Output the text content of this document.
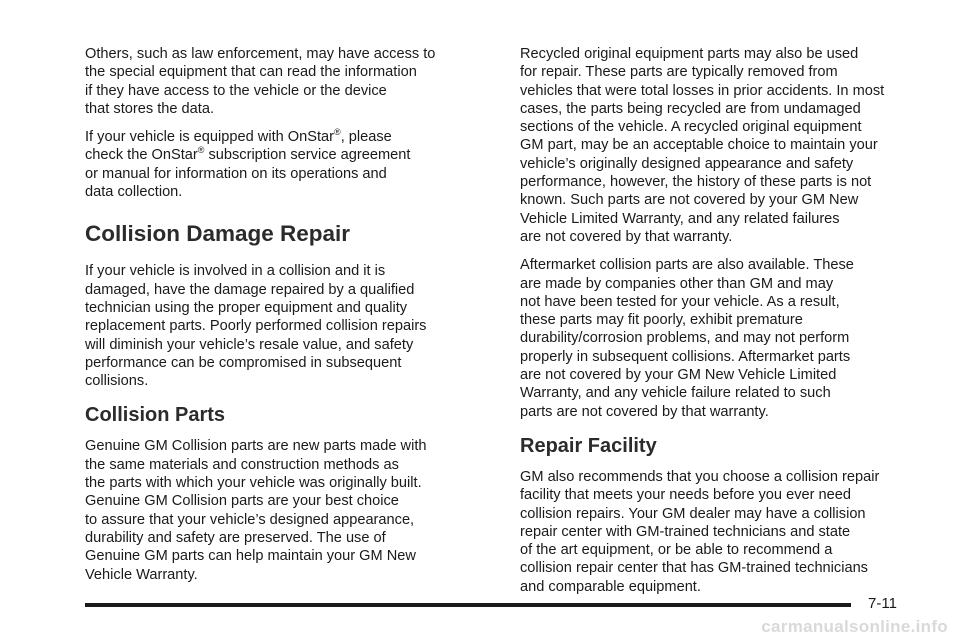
Others, such as law enforcement, may have access to
the special equipment that can read the information
if they have access to the vehicle or the device
that stores the data.

If your vehicle is equipped with OnStar®, please
check the OnStar® subscription service agreement
or manual for information on its operations and
data collection.

Collision Damage Repair

If your vehicle is involved in a collision and it is
damaged, have the damage repaired by a qualified
technician using the proper equipment and quality
replacement parts. Poorly performed collision repairs
will diminish your vehicle’s resale value, and safety
performance can be compromised in subsequent
collisions.

Collision Parts

Genuine GM Collision parts are new parts made with
the same materials and construction methods as
the parts with which your vehicle was originally built.
Genuine GM Collision parts are your best choice
to assure that your vehicle’s designed appearance,
durability and safety are preserved. The use of
Genuine GM parts can help maintain your GM New
Vehicle Warranty.

Recycled original equipment parts may also be used
for repair. These parts are typically removed from
vehicles that were total losses in prior accidents. In most
cases, the parts being recycled are from undamaged
sections of the vehicle. A recycled original equipment
GM part, may be an acceptable choice to maintain your
vehicle’s originally designed appearance and safety
performance, however, the history of these parts is not
known. Such parts are not covered by your GM New
Vehicle Limited Warranty, and any related failures
are not covered by that warranty.

Aftermarket collision parts are also available. These
are made by companies other than GM and may
not have been tested for your vehicle. As a result,
these parts may fit poorly, exhibit premature
durability/corrosion problems, and may not perform
properly in subsequent collisions. Aftermarket parts
are not covered by your GM New Vehicle Limited
Warranty, and any vehicle failure related to such
parts are not covered by that warranty.

Repair Facility

GM also recommends that you choose a collision repair
facility that meets your needs before you ever need
collision repairs. Your GM dealer may have a collision
repair center with GM-trained technicians and state
of the art equipment, or be able to recommend a
collision repair center that has GM-trained technicians
and comparable equipment.

7-11
carmanualsonline.info
